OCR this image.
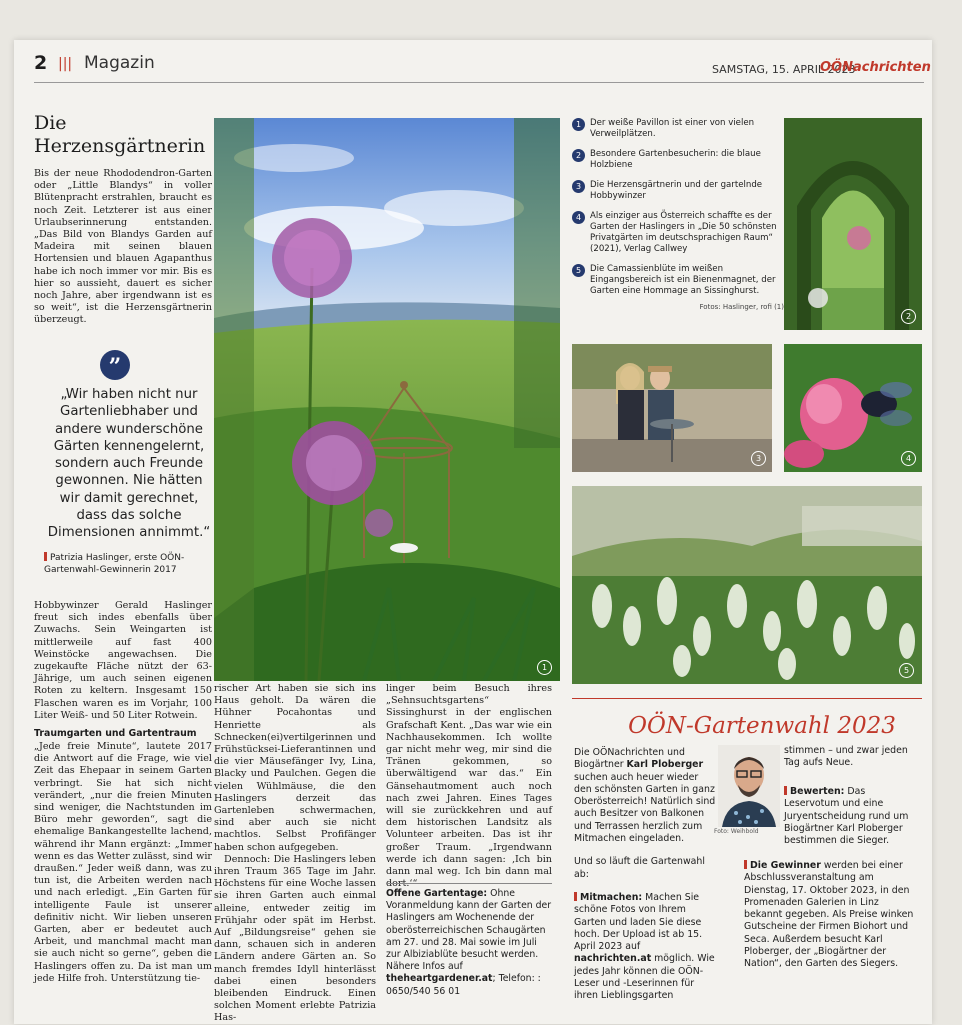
2 ||| Magazin	SAMSTAG, 15. APRIL 2023
OÖNachrichten
Die Herzensgärtnerin
Bis der neue Rhododendron-Garten oder „Little Blandys“ in voller Blütenpracht erstrahlen, braucht es noch Zeit. Letzterer ist aus einer Urlaubserinnerung entstanden. „Das Bild von Blandys Garden auf Madeira mit seinen blauen Hortensien und blauen Agapanthus habe ich noch immer vor mir. Bis es hier so aussieht, dauert es sicher noch Jahre, aber irgendwann ist es so weit“, ist die Herzensgärtnerin überzeugt.
”
„Wir haben nicht nur Gartenliebhaber und andere wunderschöne Gärten kennengelernt, sondern auch Freunde gewonnen. Nie hätten wir damit gerechnet, dass das solche Dimensionen annimmt.“
Patrizia Haslinger, erste OÖN-Gartenwahl-Gewinnerin 2017
Hobbywinzer Gerald Haslinger freut sich indes ebenfalls über Zuwachs. Sein Weingarten ist mittlerweile auf fast 400 Weinstöcke angewachsen. Die zugekaufte Fläche nützt der 63-Jährige, um auch seinen eigenen Roten zu keltern. Insgesamt 150 Flaschen waren es im Vorjahr, 100 Liter Weiß- und 50 Liter Rotwein.
Traumgarten und Gartentraum
„Jede freie Minute“, lautete 2017 die Antwort auf die Frage, wie viel Zeit das Ehepaar in seinem Garten verbringt. Sie hat sich nicht verändert, „nur die freien Minuten sind weniger, die Nachtstunden im Büro mehr geworden“, sagt die ehemalige Bankangestellte lachend, während ihr Mann ergänzt: „Immer wenn es das Wetter zulässt, sind wir draußen.“ Jeder weiß dann, was zu tun ist, die Arbeiten werden nach und nach erledigt. „Ein Garten für intelligente Faule ist unserer definitiv nicht. Wir lieben unseren Garten, aber er bedeutet auch Arbeit, und manchmal macht man sie auch nicht so gerne“, geben die Haslingers offen zu. Da ist man um jede Hilfe froh. Unterstützung tie-
rischer Art haben sie sich ins Haus geholt. Da wären die Hühner Pocahontas und Henriette als Schnecken(ei)vertilgerinnen und Frühstücksei-Lieferantinnen und die vier Mäusefänger Ivy, Lina, Blacky und Paulchen. Gegen die vielen Wühlmäuse, die den Haslingers derzeit das Gartenleben schwermachen, sind aber auch sie nicht machtlos. Selbst Profifänger haben schon aufgegeben.
Dennoch: Die Haslingers leben ihren Traum 365 Tage im Jahr. Höchstens für eine Woche lassen sie ihren Garten auch einmal alleine, entweder zeitig im Frühjahr oder spät im Herbst. Auf „Bildungsreise“ gehen sie dann, schauen sich in anderen Ländern andere Gärten an. So manch fremdes Idyll hinterlässt dabei einen besonders bleibenden Eindruck. Einen solchen Moment erlebte Patrizia Has-
linger beim Besuch ihres „Sehnsuchtsgartens“ Sissinghurst in der englischen Grafschaft Kent. „Das war wie ein Nachhausekommen. Ich wollte gar nicht mehr weg, mir sind die Tränen gekommen, so überwältigend war das.“ Ein Gänsehautmoment auch noch nach zwei Jahren. Eines Tages will sie zurückkehren und auf dem historischen Landsitz als Volunteer arbeiten. Das ist ihr großer Traum. „Irgendwann werde ich dann sagen: ‚Ich bin dann mal weg. Ich bin dann mal
Offene Gartentage: Ohne Voranmeldung kann der Garten der Haslingers am Wochenende der oberösterreichischen Schaugärten am 27. und 28. Mai sowie im Juli zur Albiziablüte besucht werden. Nähere Infos auf theheartgardener.at; Telefon: : 0650/540 56 01
1
1	Der weiße Pavillon ist einer von vielen Verweilplätzen.
2	Besondere Gartenbesucherin: die blaue Holzbiene
3	Die Herzensgärtnerin und der gartelnde Hobbywinzer
4	Als einziger aus Österreich schaffte es der Garten der Haslingers in „Die 50 schönsten Privatgärten im deutschsprachigen Raum“ (2021), Verlag Callwey
5	Die Camassienblüte im weißen Eingangsbereich ist ein Bienenmagnet, der Garten eine Hommage an Sissinghurst.
Fotos: Haslinger, rofi (1)
2
3	4
5
OÖN-Gartenwahl 2023
Die OÖNachrichten und Biogärtner Karl Ploberger suchen auch heuer wieder den schönsten Garten in ganz Oberösterreich! Natürlich sind auch Besitzer von Balkonen und Terrassen herzlich zum Mitmachen eingeladen.
Und so läuft die Gartenwahl ab:
Mitmachen: Machen Sie schöne Fotos von Ihrem Garten und laden Sie diese hoch. Der Upload ist ab 15. April 2023 auf nachrichten.at möglich. Wie jedes Jahr können die OÖN-Leser und -Leserinnen für ihren Lieblingsgarten
Foto: Weihbold
stimmen – und zwar jeden Tag aufs Neue.
Bewerten: Das Leservotum und eine Juryentscheidung rund um Biogärtner Karl Ploberger bestimmen die Sieger.
Die Gewinner werden bei einer Abschlussveranstaltung am Dienstag, 17. Oktober 2023, in den Promenaden Galerien in Linz bekannt gegeben. Als Preise winken Gutscheine der Firmen Biohort und Seca. Außerdem besucht Karl Ploberger, der „Biogärtner der Nation“, den Garten des Siegers.
